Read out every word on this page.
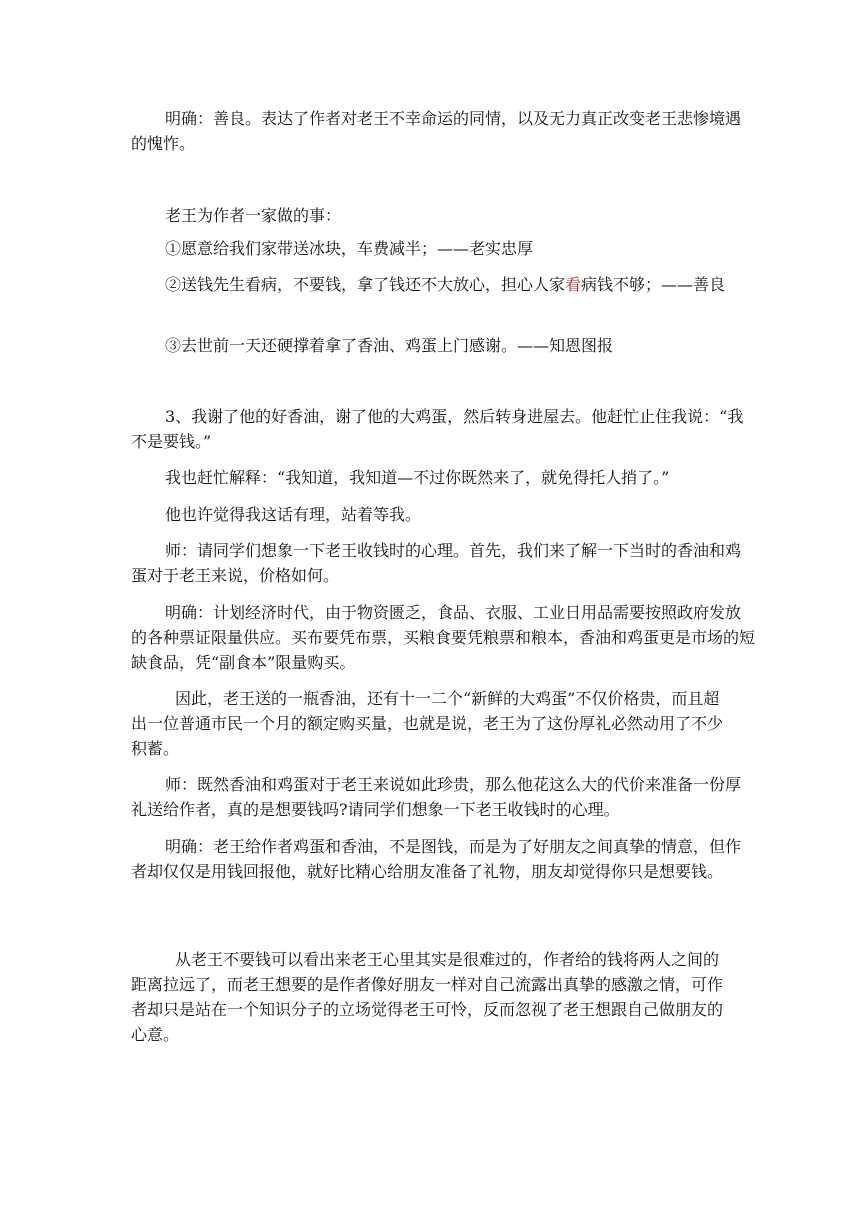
明确：善良。表达了作者对老王不幸命运的同情，以及无力真正改变老王悲惨境遇的愧怍。

老王为作者一家做的事：

①愿意给我们家带送冰块，车费减半；——老实忠厚

②送钱先生看病，不要钱，拿了钱还不大放心，担心人家看病钱不够；——善良

③去世前一天还硬撑着拿了香油、鸡蛋上门感谢。——知恩图报

3、我谢了他的好香油，谢了他的大鸡蛋，然后转身进屋去。他赶忙止住我说：“我不是要钱。”

我也赶忙解释：“我知道，我知道—不过你既然来了，就免得托人捎了。”

他也许觉得我这话有理，站着等我。

师：请同学们想象一下老王收钱时的心理。首先，我们来了解一下当时的香油和鸡蛋对于老王来说，价格如何。

明确：计划经济时代，由于物资匮乏，食品、衣服、工业日用品需要按照政府发放的各种票证限量供应。买布要凭布票，买粮食要凭粮票和粮本，香油和鸡蛋更是市场的短缺食品，凭“副食本”限量购买。

因此，老王送的一瓶香油，还有十一二个“新鲜的大鸡蛋”不仅价格贵，而且超出一位普通市民一个月的额定购买量，也就是说，老王为了这份厚礼必然动用了不少积蓄。

师：既然香油和鸡蛋对于老王来说如此珍贵，那么他花这么大的代价来准备一份厚礼送给作者，真的是想要钱吗?请同学们想象一下老王收钱时的心理。

明确：老王给作者鸡蛋和香油，不是图钱，而是为了好朋友之间真挚的情意，但作者却仅仅是用钱回报他，就好比精心给朋友准备了礼物，朋友却觉得你只是想要钱。

从老王不要钱可以看出来老王心里其实是很难过的，作者给的钱将两人之间的距离拉远了，而老王想要的是作者像好朋友一样对自己流露出真挚的感激之情，可作者却只是站在一个知识分子的立场觉得老王可怜，反而忽视了老王想跟自己做朋友的心意。
